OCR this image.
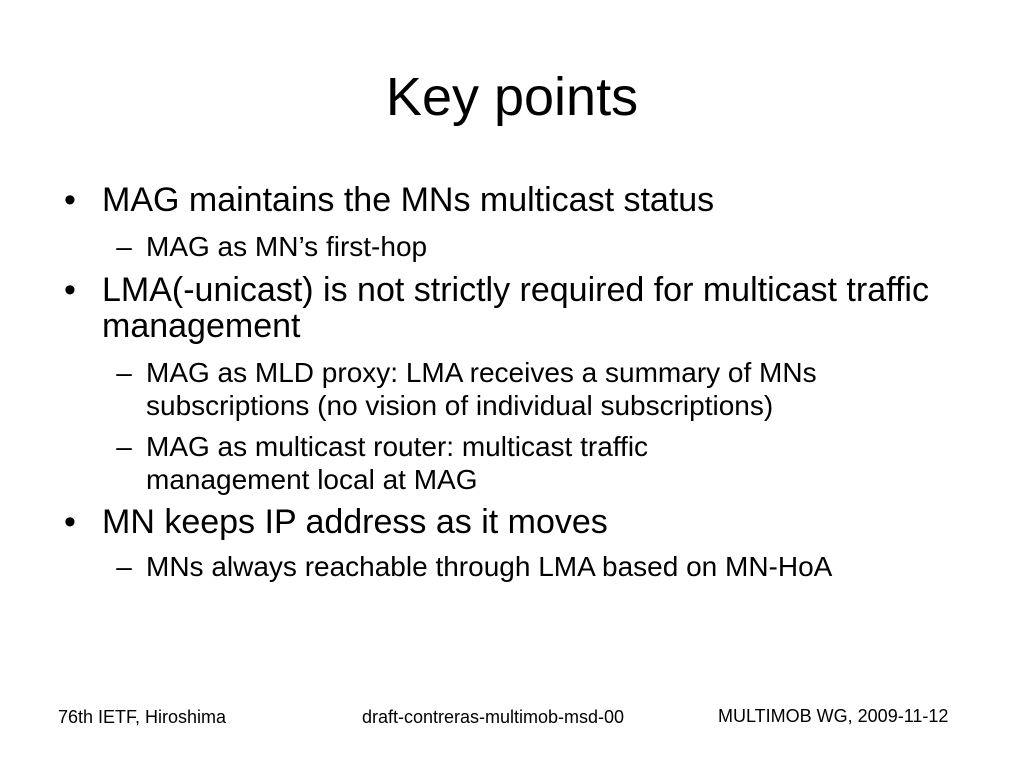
Key points
• MAG maintains the MNs multicast status
– MAG as MN’s first-hop
• LMA(-unicast) is not strictly required for multicast traffic management
– MAG as MLD proxy: LMA receives a summary of MNs subscriptions (no vision of individual subscriptions)
– MAG as multicast router: multicast traffic management local at MAG
• MN keeps IP address as it moves
– MNs always reachable through LMA based on MN-HoA
76th IETF, Hiroshima	draft-contreras-multimob-msd-00	MULTIMOB WG, 2009-11-12
